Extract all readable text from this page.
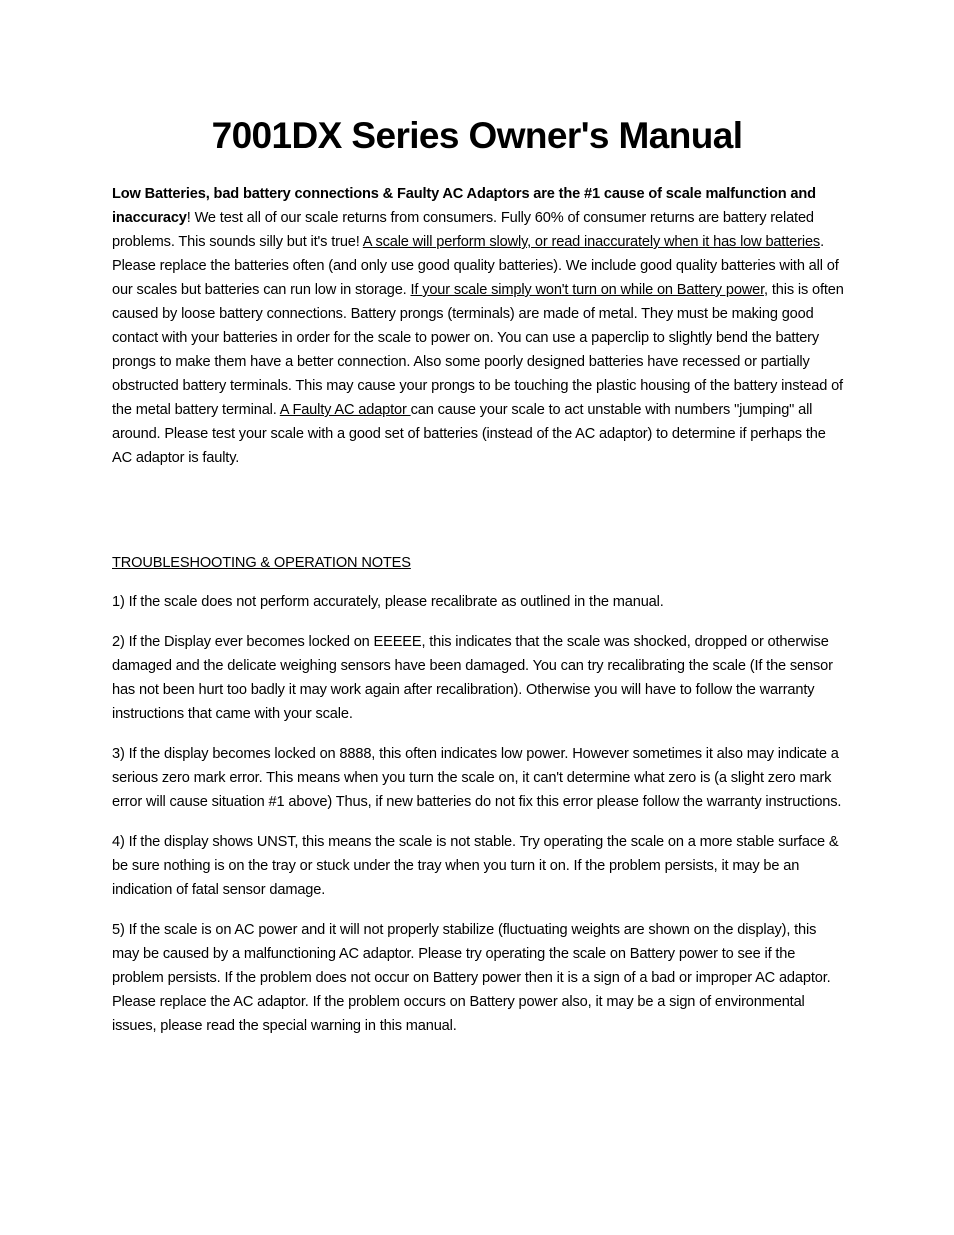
7001DX Series Owner's Manual

Low Batteries, bad battery connections & Faulty AC Adaptors are the #1 cause of scale malfunction and inaccuracy! We test all of our scale returns from consumers. Fully 60% of consumer returns are battery related problems. This sounds silly but it's true! A scale will perform slowly, or read inaccurately when it has low batteries. Please replace the batteries often (and only use good quality batteries). We include good quality batteries with all of our scales but batteries can run low in storage. If your scale simply won't turn on while on Battery power, this is often caused by loose battery connections. Battery prongs (terminals) are made of metal. They must be making good contact with your batteries in order for the scale to power on. You can use a paperclip to slightly bend the battery prongs to make them have a better connection. Also some poorly designed batteries have recessed or partially obstructed battery terminals. This may cause your prongs to be touching the plastic housing of the battery instead of the metal battery terminal. A Faulty AC adaptor can cause your scale to act unstable with numbers "jumping" all around. Please test your scale with a good set of batteries (instead of the AC adaptor) to determine if perhaps the AC adaptor is faulty.

TROUBLESHOOTING & OPERATION NOTES

1) If the scale does not perform accurately, please recalibrate as outlined in the manual.

2) If the Display ever becomes locked on EEEEE, this indicates that the scale was shocked, dropped or otherwise damaged and the delicate weighing sensors have been damaged. You can try recalibrating the scale (If the sensor has not been hurt too badly it may work again after recalibration). Otherwise you will have to follow the warranty instructions that came with your scale.

3) If the display becomes locked on 8888, this often indicates low power. However sometimes it also may indicate a serious zero mark error. This means when you turn the scale on, it can't determine what zero is (a slight zero mark error will cause situation #1 above) Thus, if new batteries do not fix this error please follow the warranty instructions.

4) If the display shows UNST, this means the scale is not stable. Try operating the scale on a more stable surface & be sure nothing is on the tray or stuck under the tray when you turn it on. If the problem persists, it may be an indication of fatal sensor damage.

5) If the scale is on AC power and it will not properly stabilize (fluctuating weights are shown on the display), this may be caused by a malfunctioning AC adaptor. Please try operating the scale on Battery power to see if the problem persists. If the problem does not occur on Battery power then it is a sign of a bad or improper AC adaptor. Please replace the AC adaptor. If the problem occurs on Battery power also, it may be a sign of environmental issues, please read the special warning in this manual.
